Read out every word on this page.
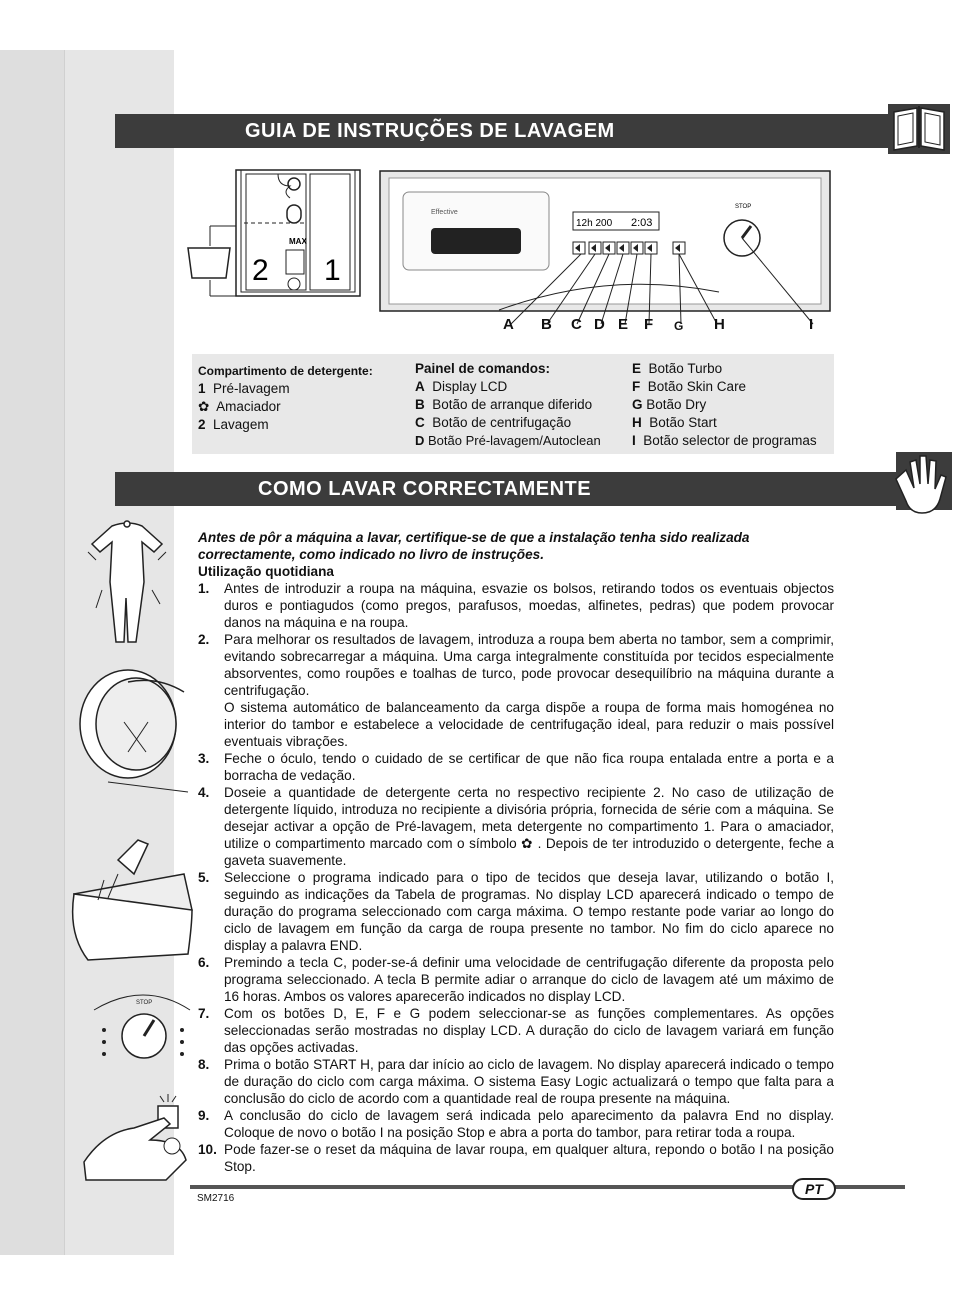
GUIA DE INSTRUÇÕES DE LAVAGEM	23
MAX
2 1
Effective
12h 200 2:03
STOP
A B C D E F G H	I
Compartimento de detergente:
1 Pré-lavagem
✿ Amaciador
2 Lavagem
Painel de comandos:
A Display LCD
B Botão de arranque diferido
C Botão de centrifugação
D Botão Pré-lavagem/Autoclean
E Botão Turbo
F Botão Skin Care
G Botão Dry
H Botão Start
I Botão selector de programas
COMO LAVAR CORRECTAMENTE
STOP

Antes de pôr a máquina a lavar, certifique-se de que a instalação tenha sido realizada correctamente, como indicado no livro de instruções.

Utilização quotidiana

1. Antes de introduzir a roupa na máquina, esvazie os bolsos, retirando todos os eventuais objectos duros e pontiagudos (como pregos, parafusos, moedas, alfinetes, pedras) que podem provocar danos na máquina e na roupa.
2. Para melhorar os resultados de lavagem, introduza a roupa bem aberta no tambor, sem a comprimir, evitando sobrecarregar a máquina. Uma carga integralmente constituída por tecidos especialmente absorventes, como roupões e toalhas de turco, pode provocar desequilíbrio na máquina durante a centrifugação.
O sistema automático de balanceamento da carga dispõe a roupa de forma mais homogénea no interior do tambor e estabelece a velocidade de centrifugação ideal, para reduzir o mais possível eventuais vibrações.
3. Feche o óculo, tendo o cuidado de se certificar de que não fica roupa entalada entre a porta e a borracha de vedação.
4. Doseie a quantidade de detergente certa no respectivo recipiente 2. No caso de utilização de detergente líquido, introduza no recipiente a divisória própria, fornecida de série com a máquina. Se desejar activar a opção de Pré-lavagem, meta detergente no compartimento 1. Para o amaciador, utilize o compartimento marcado com o símbolo ✿ . Depois de ter introduzido o detergente, feche a gaveta suavemente.
5. Seleccione o programa indicado para o tipo de tecidos que deseja lavar, utilizando o botão I, seguindo as indicações da Tabela de programas. No display LCD aparecerá indicado o tempo de duração do programa seleccionado com carga máxima. O tempo restante pode variar ao longo do ciclo de lavagem em função da carga de roupa presente no tambor. No fim do ciclo aparece no display a palavra END.
6. Premindo a tecla C, poder-se-á definir uma velocidade de centrifugação diferente da proposta pelo programa seleccionado. A tecla B permite adiar o arranque do ciclo de lavagem até um máximo de 16 horas. Ambos os valores aparecerão indicados no display LCD.
7. Com os botões D, E, F e G podem seleccionar-se as funções complementares. As opções seleccionadas serão mostradas no display LCD. A duração do ciclo de lavagem variará em função das opções activadas.
8. Prima o botão START H, para dar início ao ciclo de lavagem. No display aparecerá indicado o tempo de duração do ciclo com carga máxima. O sistema Easy Logic actualizará o tempo que falta para a conclusão do ciclo de acordo com a quantidade real de roupa presente na máquina.
9. A conclusão do ciclo de lavagem será indicada pelo aparecimento da palavra End no display. Coloque de novo o botão I na posição Stop e abra a porta do tambor, para retirar toda a roupa.
10. Pode fazer-se o reset da máquina de lavar roupa, em qualquer altura, repondo o botão I na posição Stop.
PT
SM2716
